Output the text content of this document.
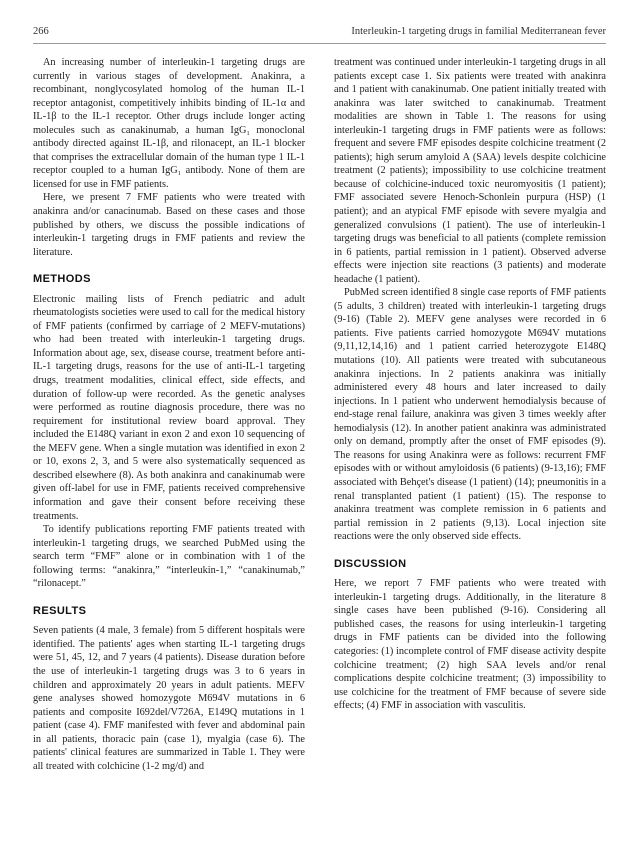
266	Interleukin-1 targeting drugs in familial Mediterranean fever

An increasing number of interleukin-1 targeting drugs are currently in various stages of development. Anakinra, a recombinant, nonglycosylated homolog of the human IL-1 receptor antagonist, competitively inhibits binding of IL-1α and IL-1β to the IL-1 receptor. Other drugs include longer acting molecules such as canakinumab, a human IgG₁ monoclonal antibody directed against IL-1β, and rilonacept, an IL-1 blocker that comprises the extracellular domain of the human type 1 IL-1 receptor coupled to a human IgG₁ antibody. None of them are licensed for use in FMF patients.

Here, we present 7 FMF patients who were treated with anakinra and/or canacinumab. Based on these cases and those published by others, we discuss the possible indications of interleukin-1 targeting drugs in FMF patients and review the literature.

METHODS

Electronic mailing lists of French pediatric and adult rheumatologists societies were used to call for the medical history of FMF patients (confirmed by carriage of 2 MEFV-mutations) who had been treated with interleukin-1 targeting drugs. Information about age, sex, disease course, treatment before anti-IL-1 targeting drugs, reasons for the use of anti-IL-1 targeting drugs, treatment modalities, clinical effect, side effects, and duration of follow-up were recorded. As the genetic analyses were performed as routine diagnosis procedure, there was no requirement for institutional review board approval. They included the E148Q variant in exon 2 and exon 10 sequencing of the MEFV gene. When a single mutation was identified in exon 2 or 10, exons 2, 3, and 5 were also systematically sequenced as described elsewhere (8). As both anakinra and canakinumab were given off-label for use in FMF, patients received comprehensive information and gave their consent before receiving these treatments.

To identify publications reporting FMF patients treated with interleukin-1 targeting drugs, we searched PubMed using the search term “FMF” alone or in combination with 1 of the following terms: “anakinra,” “interleukin-1,” “canakinumab,” “rilonacept.”

RESULTS

Seven patients (4 male, 3 female) from 5 different hospitals were identified. The patients' ages when starting IL-1 targeting drugs were 51, 45, 12, and 7 years (4 patients). Disease duration before the use of interleukin-1 targeting drugs was 3 to 6 years in children and approximately 20 years in adult patients. MEFV gene analyses showed homozygote M694V mutations in 6 patients and composite I692del/V726A, E149Q mutations in 1 patient (case 4). FMF manifested with fever and abdominal pain in all patients, thoracic pain (case 1), myalgia (case 6). The patients' clinical features are summarized in Table 1. They were all treated with colchicine (1-2 mg/d) and

treatment was continued under interleukin-1 targeting drugs in all patients except case 1. Six patients were treated with anakinra and 1 patient with canakinumab. One patient initially treated with anakinra was later switched to canakinumab. Treatment modalities are shown in Table 1. The reasons for using interleukin-1 targeting drugs in FMF patients were as follows: frequent and severe FMF episodes despite colchicine treatment (2 patients); high serum amyloid A (SAA) levels despite colchicine treatment (2 patients); impossibility to use colchicine treatment because of colchicine-induced toxic neuromyositis (1 patient); FMF associated severe Henoch-Schonlein purpura (HSP) (1 patient); and an atypical FMF episode with severe myalgia and generalized convulsions (1 patient). The use of interleukin-1 targeting drugs was beneficial to all patients (complete remission in 6 patients, partial remission in 1 patient). Observed adverse effects were injection site reactions (3 patients) and moderate headache (1 patient).

PubMed screen identified 8 single case reports of FMF patients (5 adults, 3 children) treated with interleukin-1 targeting drugs (9-16) (Table 2). MEFV gene analyses were recorded in 6 patients. Five patients carried homozygote M694V mutations (9,11,12,14,16) and 1 patient carried heterozygote E148Q mutations (10). All patients were treated with subcutaneous anakinra injections. In 2 patients anakinra was initially administered every 48 hours and later increased to daily injections. In 1 patient who underwent hemodialysis because of end-stage renal failure, anakinra was given 3 times weekly after hemodialysis (12). In another patient anakinra was administrated only on demand, promptly after the onset of FMF episodes (9). The reasons for using Anakinra were as follows: recurrent FMF episodes with or without amyloidosis (6 patients) (9-13,16); FMF associated with Behçet's disease (1 patient) (14); pneumonitis in a renal transplanted patient (1 patient) (15). The response to anakinra treatment was complete remission in 6 patients and partial remission in 2 patients (9,13). Local injection site reactions were the only observed side effects.

DISCUSSION

Here, we report 7 FMF patients who were treated with interleukin-1 targeting drugs. Additionally, in the literature 8 single cases have been published (9-16). Considering all published cases, the reasons for using interleukin-1 targeting drugs in FMF patients can be divided into the following categories: (1) incomplete control of FMF disease activity despite colchicine treatment; (2) high SAA levels and/or renal complications despite colchicine treatment; (3) impossibility to use colchicine for the treatment of FMF because of severe side effects; (4) FMF in association with vasculitis.
